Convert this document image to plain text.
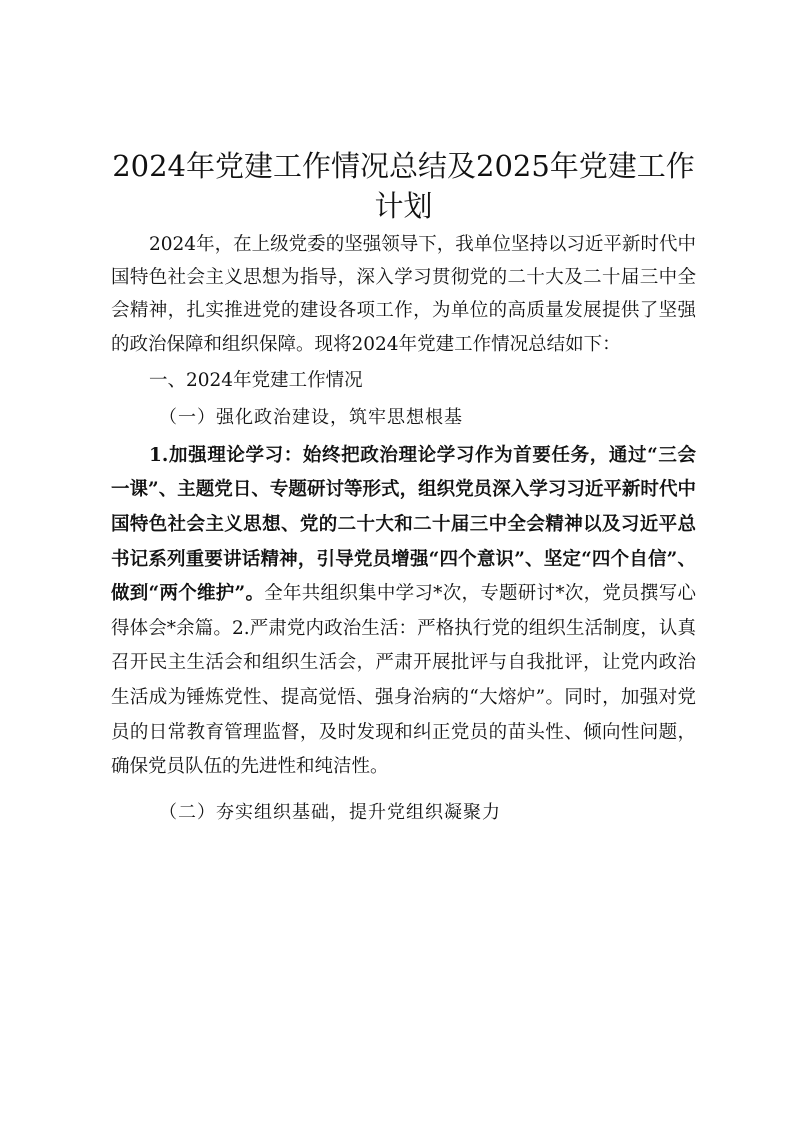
2024年党建工作情况总结及2025年党建工作
计划

2024年，在上级党委的坚强领导下，我单位坚持以习近平新时代中国特色社会主义思想为指导，深入学习贯彻党的二十大及二十届三中全会精神，扎实推进党的建设各项工作，为单位的高质量发展提供了坚强的政治保障和组织保障。现将2024年党建工作情况总结如下：

一、2024年党建工作情况

（一）强化政治建设，筑牢思想根基

1.加强理论学习：始终把政治理论学习作为首要任务，通过“三会一课”、主题党日、专题研讨等形式，组织党员深入学习习近平新时代中国特色社会主义思想、党的二十大和二十届三中全会精神以及习近平总书记系列重要讲话精神，引导党员增强“四个意识”、坚定“四个自信”、做到“两个维护”。全年共组织集中学习*次，专题研讨*次，党员撰写心得体会*余篇。2.严肃党内政治生活：严格执行党的组织生活制度，认真召开民主生活会和组织生活会，严肃开展批评与自我批评，让党内政治生活成为锤炼党性、提高觉悟、强身治病的“大熔炉”。同时，加强对党员的日常教育管理监督，及时发现和纠正党员的苗头性、倾向性问题，确保党员队伍的先进性和纯洁性。

（二）夯实组织基础，提升党组织凝聚力
